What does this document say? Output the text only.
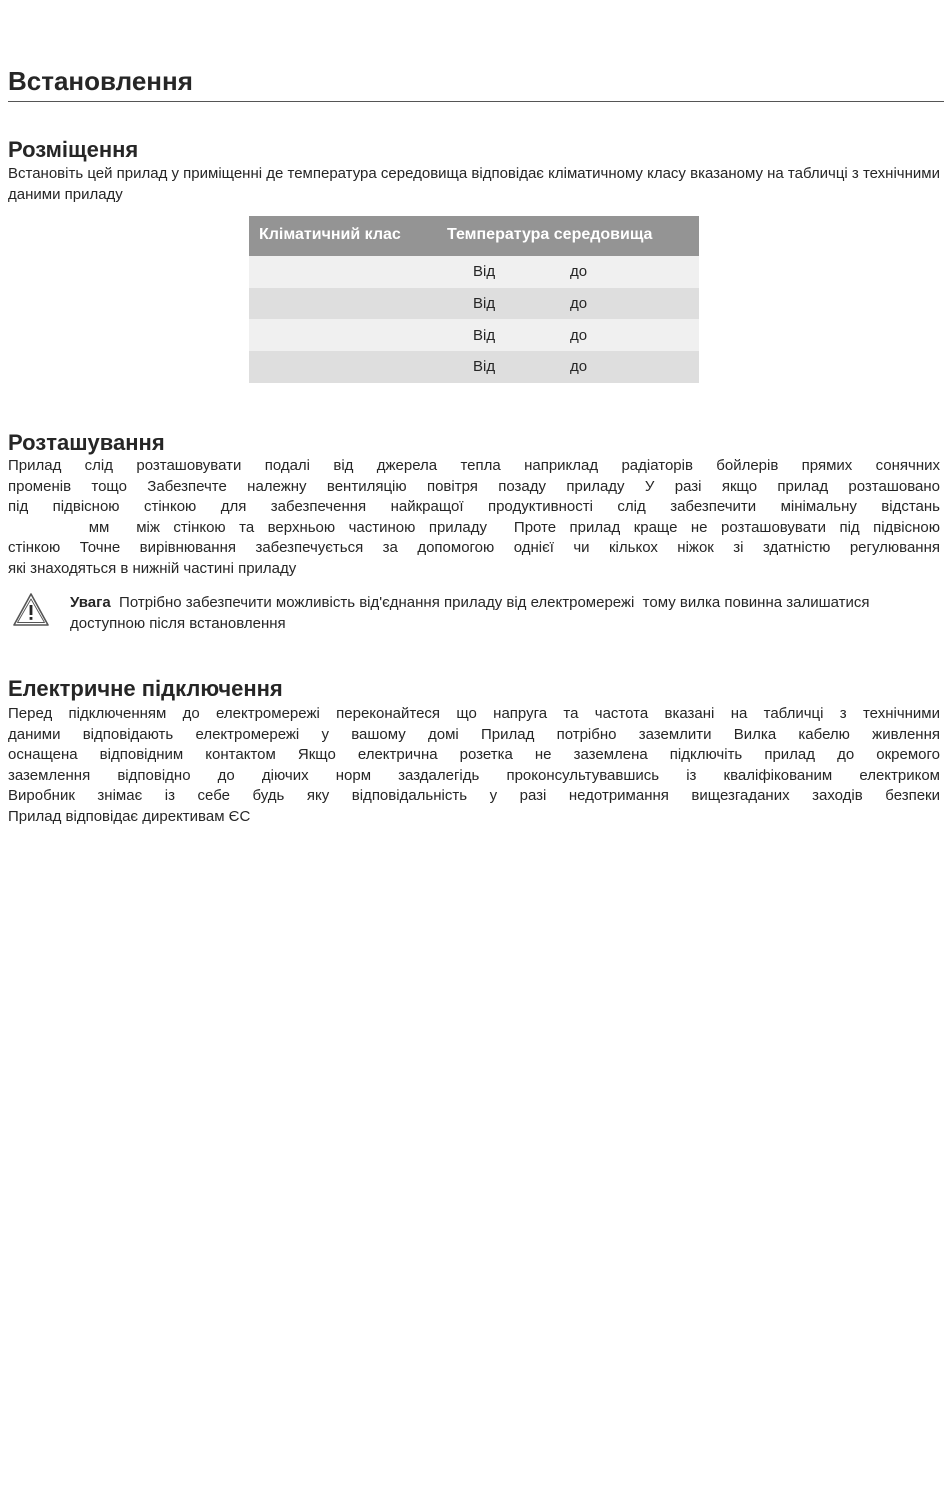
Встановлення
Розміщення

Встановіть цей прилад у приміщенні де температура середовища відповідає кліматичному класу вказаному на табличці з технічними даними приладу

Кліматичний клас	Температура середовища	
	Від	до
	Від	до
	Від	до
	Від	до
Розташування

Прилад слід розташовувати подалі від джерела тепла наприклад радіаторів бойлерів прямих сонячних
променів тощо Забезпечте належну вентиляцію повітря позаду приладу У разі якщо прилад розташовано
під підвісною стінкою для забезпечення найкращої продуктивності слід забезпечити мінімальну відстань
мм  між стінкою та верхньою частиною приладу  Проте прилад краще не розташовувати під підвісною
стінкою Точне вирівнювання забезпечується за допомогою однієї чи кількох ніжок зі здатністю регулювання
які знаходяться в нижній частині приладу

Увага  Потрібно забезпечити можливість від'єднання приладу від електромережі  тому вилка повинна залишатися доступною після встановлення

Електричне підключення

Перед підключенням до електромережі переконайтеся що напруга та частота вказані на табличці з технічними
даними відповідають електромережі у вашому домі Прилад потрібно заземлити Вилка кабелю живлення
оснащена відповідним контактом Якщо електрична розетка не заземлена підключіть прилад до окремого
заземлення відповідно до діючих норм заздалегідь проконсультувавшись із кваліфікованим електриком
Виробник знімає із себе будь яку відповідальність у разі недотримання вищезгаданих заходів безпеки
Прилад відповідає директивам ЄС
